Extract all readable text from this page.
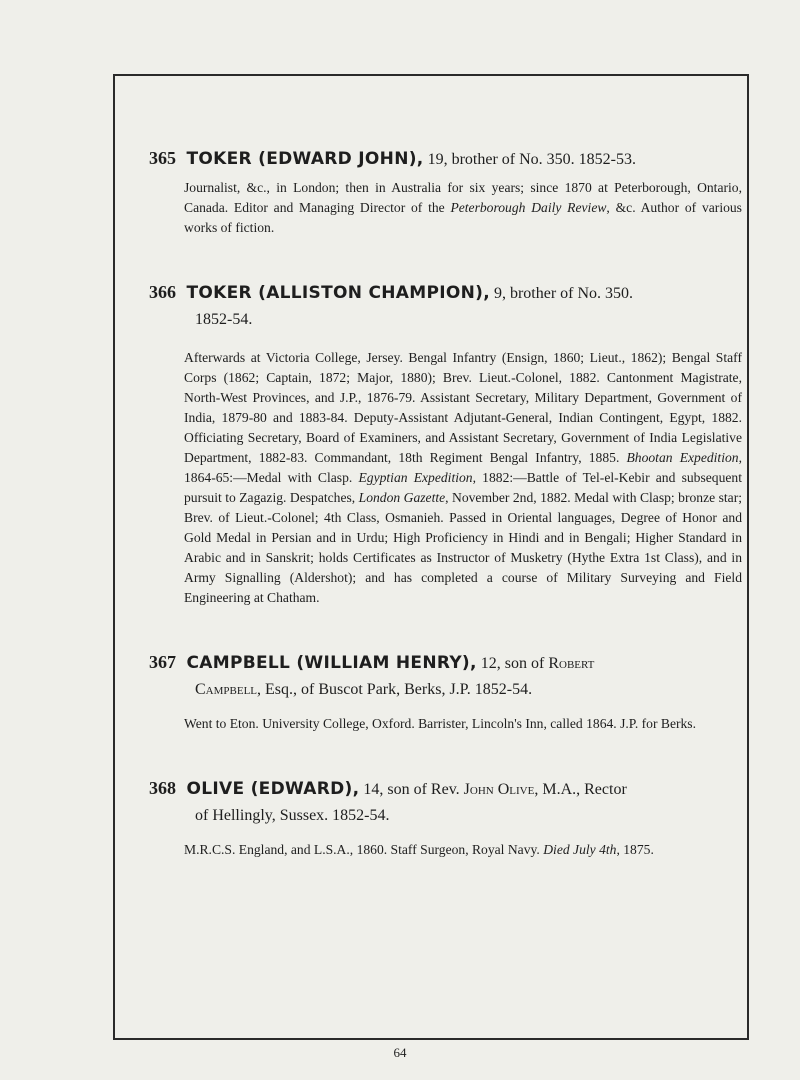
365 TOKER (EDWARD JOHN), 19, brother of No. 350. 1852-53.
Journalist, &c., in London; then in Australia for six years; since 1870 at Peterborough, Ontario, Canada. Editor and Managing Director of the Peterborough Daily Review, &c. Author of various works of fiction.
366 TOKER (ALLISTON CHAMPION), 9, brother of No. 350.
1852-54.
Afterwards at Victoria College, Jersey. Bengal Infantry (Ensign, 1860; Lieut., 1862); Bengal Staff Corps (1862; Captain, 1872; Major, 1880); Brev. Lieut.-Colonel, 1882. Cantonment Magistrate, North-West Provinces, and J.P., 1876-79. Assistant Secretary, Military Department, Government of India, 1879-80 and 1883-84. Deputy-Assistant Adjutant-General, Indian Contingent, Egypt, 1882. Officiating Secretary, Board of Examiners, and Assistant Secretary, Government of India Legislative Department, 1882-83. Commandant, 18th Regiment Bengal Infantry, 1885. Bhootan Expedition, 1864-65:—Medal with Clasp. Egyptian Expedition, 1882:—Battle of Tel-el-Kebir and subsequent pursuit to Zagazig. Despatches, London Gazette, November 2nd, 1882. Medal with Clasp; bronze star; Brev. of Lieut.-Colonel; 4th Class, Osmanieh. Passed in Oriental languages, Degree of Honor and Gold Medal in Persian and in Urdu; High Proficiency in Hindi and in Bengali; Higher Standard in Arabic and in Sanskrit; holds Certificates as Instructor of Musketry (Hythe Extra 1st Class), and in Army Signalling (Aldershot); and has completed a course of Military Surveying and Field Engineering at Chatham.
367 CAMPBELL (WILLIAM HENRY), 12, son of Robert
Campbell, Esq., of Buscot Park, Berks, J.P. 1852-54.
Went to Eton. University College, Oxford. Barrister, Lincoln's Inn, called 1864. J.P. for Berks.
368 OLIVE (EDWARD), 14, son of Rev. John Olive, M.A., Rector
of Hellingly, Sussex. 1852-54.
M.R.C.S. England, and L.S.A., 1860. Staff Surgeon, Royal Navy. Died July 4th, 1875.
64
